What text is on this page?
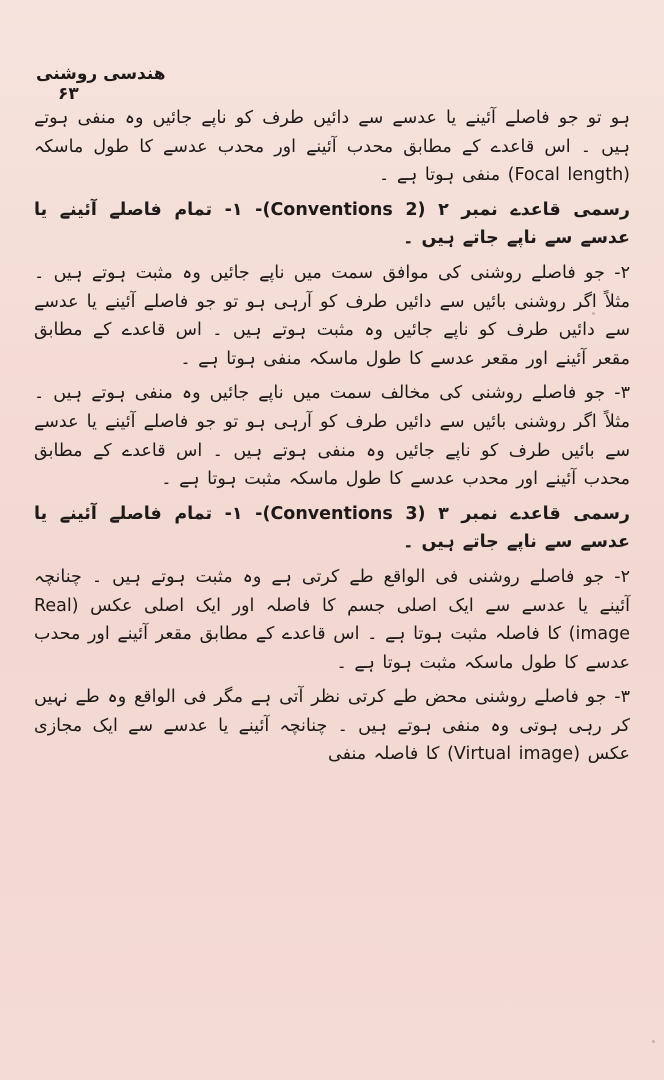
هندسی روشنی
۶۳

ہو تو جو فاصلے آئینے یا عدسے سے دائیں طرف کو ناپے جائیں وہ منفی ہوتے ہیں ۔ اس قاعدے کے مطابق محدب آئینے اور محدب عدسے کا طول ماسکہ (Focal length) منفی ہوتا ہے ۔

رسمی قاعدے نمبر ۲ (Conventions 2)- ۱- تمام فاصلے آئینے یا عدسے سے ناپے جاتے ہیں ۔

۲- جو فاصلے روشنی کی موافق سمت میں ناپے جائیں وہ مثبت ہوتے ہیں ۔ مثلاً اگر روشنی بائیں سے دائیں طرف کو آرہی ہو تو جو فاصلے آئینے یا عدسے سے دائیں طرف کو ناپے جائیں وہ مثبت ہوتے ہیں ۔ اس قاعدے کے مطابق مقعر آئینے اور مقعر عدسے کا طول ماسکہ منفی ہوتا ہے ۔

۳- جو فاصلے روشنی کی مخالف سمت میں ناپے جائیں وہ منفی ہوتے ہیں ۔ مثلاً اگر روشنی بائیں سے دائیں طرف کو آرہی ہو تو جو فاصلے آئینے یا عدسے سے بائیں طرف کو ناپے جائیں وہ منفی ہوتے ہیں ۔ اس قاعدے کے مطابق محدب آئینے اور محدب عدسے کا طول ماسکہ مثبت ہوتا ہے ۔

رسمی قاعدے نمبر ۳ (Conventions 3)- ۱- تمام فاصلے آئینے یا عدسے سے ناپے جاتے ہیں ۔

۲- جو فاصلے روشنی فی الواقع طے کرتی ہے وہ مثبت ہوتے ہیں ۔ چنانچہ آئینے یا عدسے سے ایک اصلی جسم کا فاصلہ اور ایک اصلی عکس (Real image) کا فاصلہ مثبت ہوتا ہے ۔ اس قاعدے کے مطابق مقعر آئینے اور محدب عدسے کا طول ماسکہ مثبت ہوتا ہے ۔

۳- جو فاصلے روشنی محض طے کرتی نظر آتی ہے مگر فی الواقع وہ طے نہیں کر رہی ہوتی وہ منفی ہوتے ہیں ۔ چنانچہ آئینے یا عدسے سے ایک مجازی عکس (Virtual image) کا فاصلہ منفی
